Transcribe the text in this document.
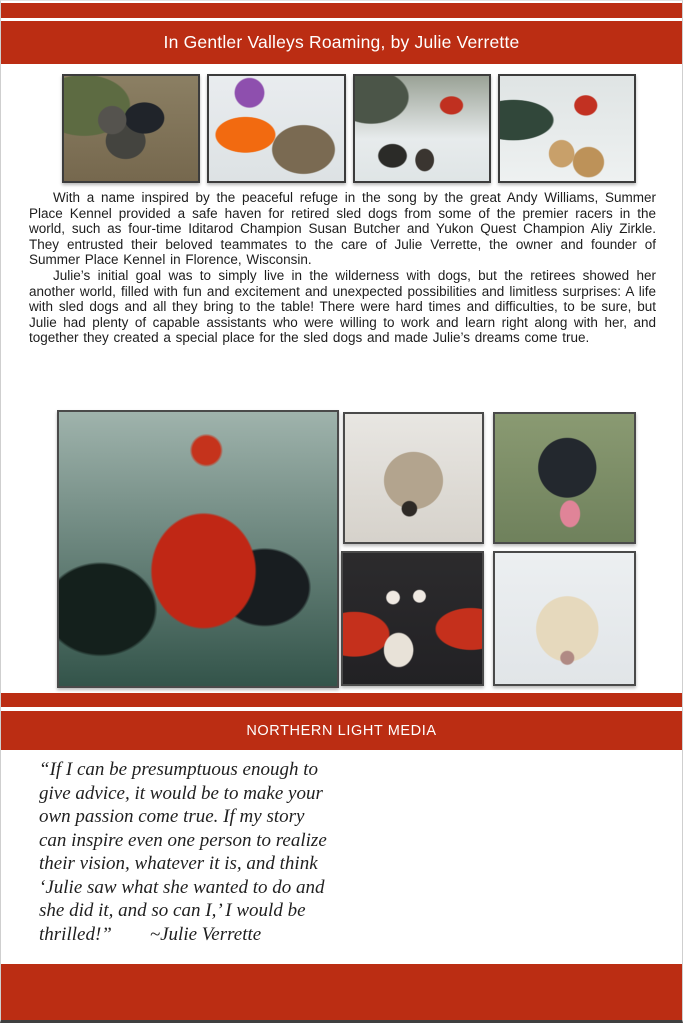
In Gentler Valleys Roaming, by Julie Verrette

With a name inspired by the peaceful refuge in the song by the great Andy Williams, Summer Place Kennel provided a safe haven for retired sled dogs from some of the premier racers in the world, such as four-time Iditarod Champion Susan Butcher and Yukon Quest Champion Aliy Zirkle. They entrusted their beloved teammates to the care of Julie Verrette, the owner and founder of Summer Place Kennel in Florence, Wisconsin.

Julie’s initial goal was to simply live in the wilderness with dogs, but the retirees showed her another world, filled with fun and excitement and unexpected possibilities and limitless surprises: A life with sled dogs and all they bring to the table! There were hard times and difficulties, to be sure, but Julie had plenty of capable assistants who were willing to work and learn right along with her, and together they created a special place for the sled dogs and made Julie’s dreams come true.

NORTHERN LIGHT MEDIA
“If I can be presumptuous enough to
give advice, it would be to make your
own passion come true. If my story
can inspire even one person to realize
their vision, whatever it is, and think
‘Julie saw what she wanted to do and
she did it, and so can I,’ I would be
thrilled!”        ~Julie Verrette
